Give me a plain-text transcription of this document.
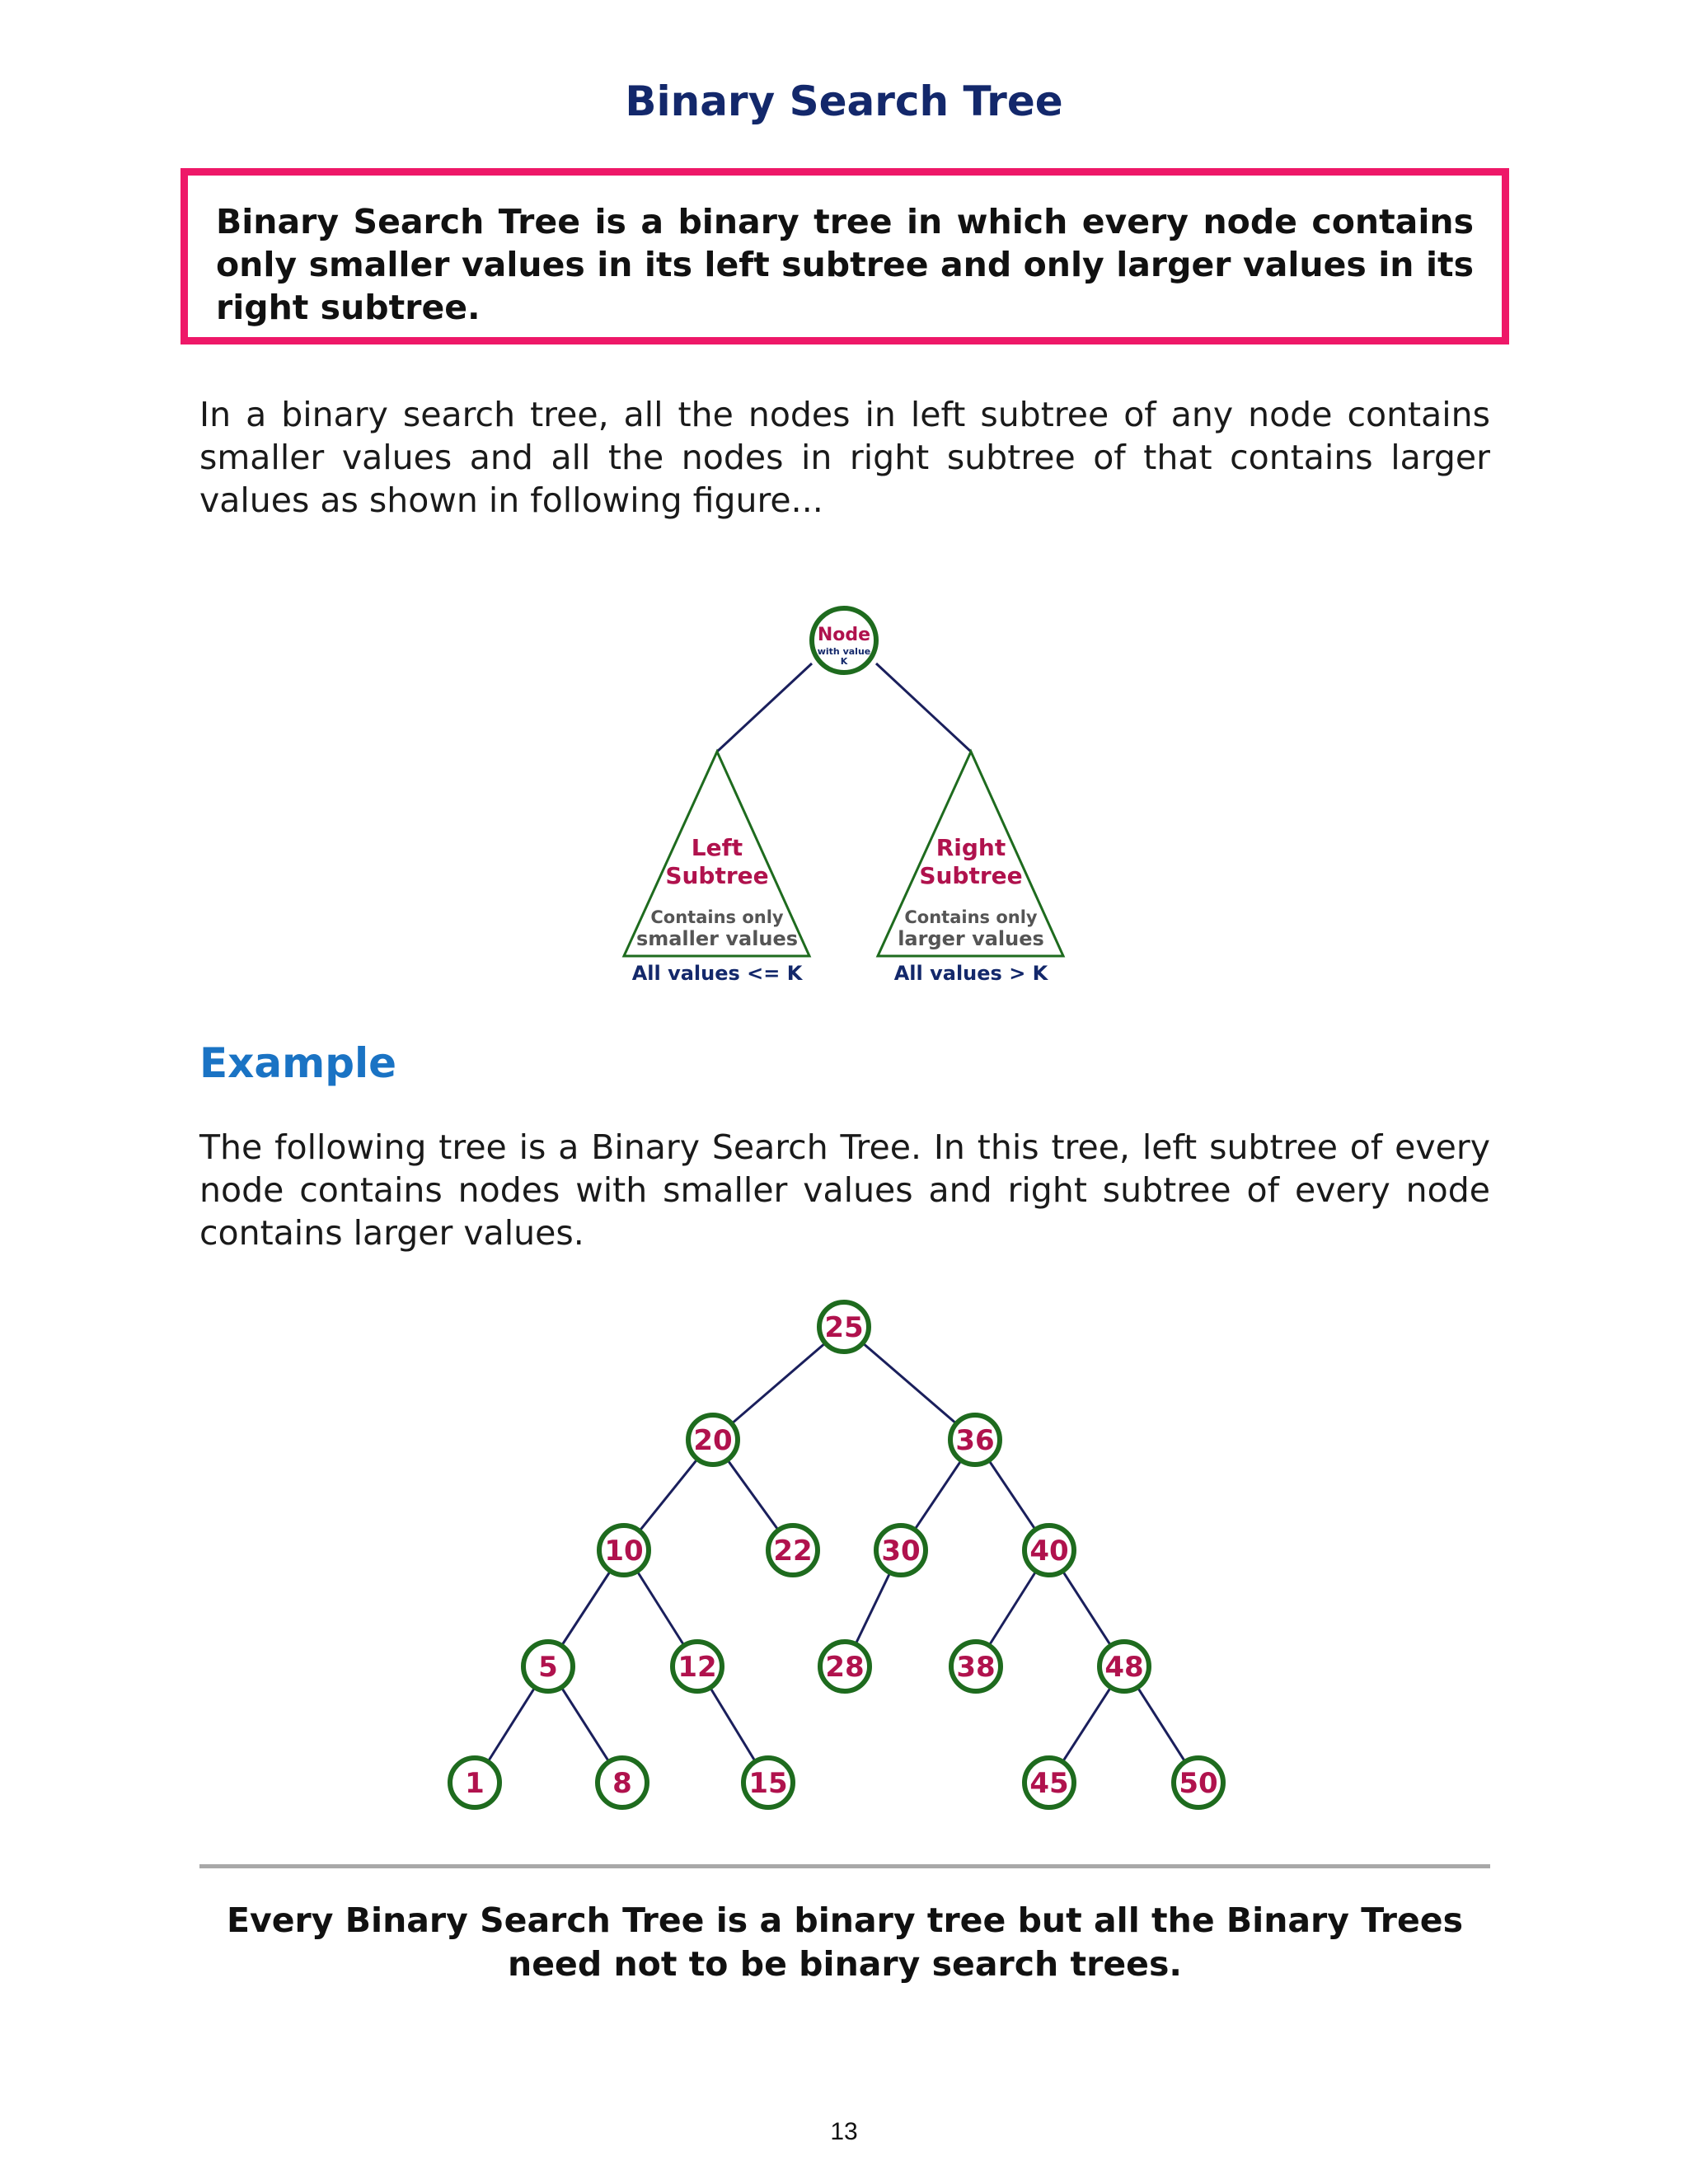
Binary Search Tree

Binary Search Tree is a binary tree in which every node contains only smaller values in its left subtree and only larger values in its right subtree.

In a binary search tree, all the nodes in left subtree of any node contains smaller values and all the nodes in right subtree of that contains larger values as shown in following figure...

Node
with value
K
Left
Subtree
Contains only
smaller values
All values <= K
Right
Subtree
Contains only
larger values
All values > K
25
20	36
10	22 30	40
5	12	28	38	48
1	8	15	45	50
Example

The following tree is a Binary Search Tree. In this tree, left subtree of every node contains nodes with smaller values and right subtree of every node contains larger values.

Every Binary Search Tree is a binary tree but all the Binary Trees need not to be binary search trees.

13
